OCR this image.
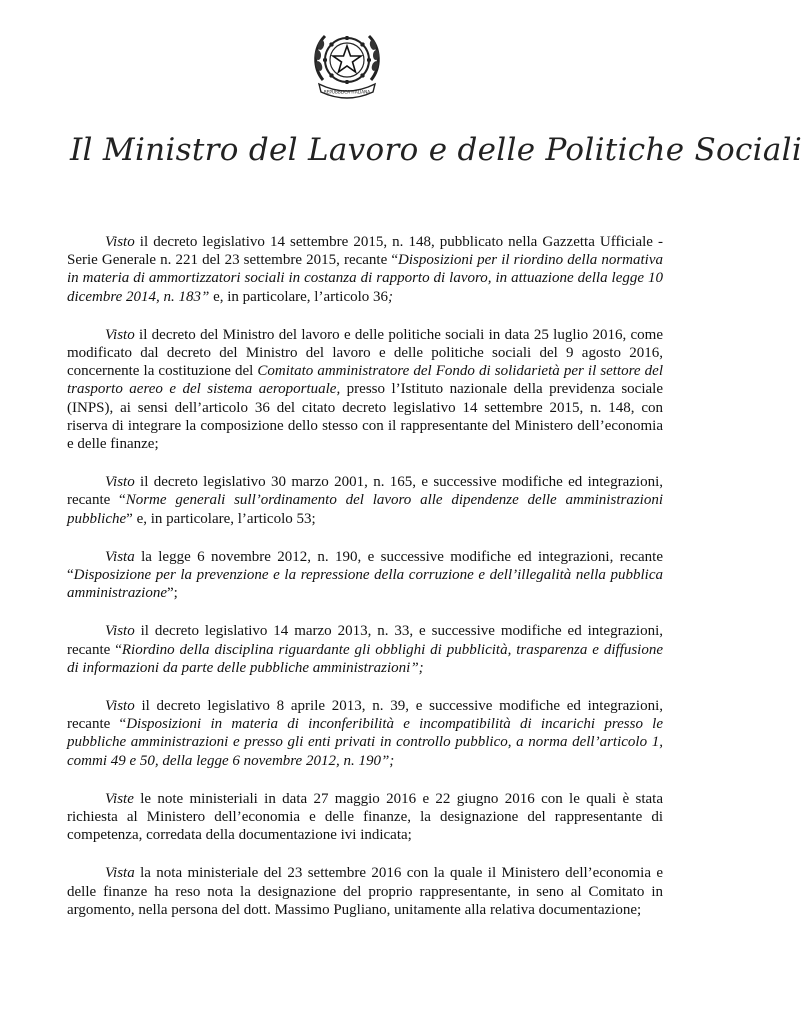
REPUBBLICA ITALIANA
Il Ministro del Lavoro e delle Politiche Sociali

Visto il decreto legislativo 14 settembre 2015, n. 148, pubblicato nella Gazzetta Ufficiale - Serie Generale n. 221 del 23 settembre 2015, recante “Disposizioni per il riordino della normativa in materia di ammortizzatori sociali in costanza di rapporto di lavoro, in attuazione della legge 10 dicembre 2014, n. 183” e, in particolare, l’articolo 36;

Visto il decreto del Ministro del lavoro e delle politiche sociali in data 25 luglio 2016, come modificato dal decreto del Ministro del lavoro e delle politiche sociali del 9 agosto 2016, concernente la costituzione del Comitato amministratore del Fondo di solidarietà per il settore del trasporto aereo e del sistema aeroportuale, presso l’Istituto nazionale della previdenza sociale (INPS), ai sensi dell’articolo 36 del citato decreto legislativo 14 settembre 2015, n. 148, con riserva di integrare la composizione dello stesso con il rappresentante del Ministero dell’economia e delle finanze;

Visto il decreto legislativo 30 marzo 2001, n. 165, e successive modifiche ed integrazioni, recante “Norme generali sull’ordinamento del lavoro alle dipendenze delle amministrazioni pubbliche” e, in particolare, l’articolo 53;

Vista la legge 6 novembre 2012, n. 190, e successive modifiche ed integrazioni, recante “Disposizione per la prevenzione e la repressione della corruzione e dell’illegalità nella pubblica amministrazione”;

Visto il decreto legislativo 14 marzo 2013, n. 33, e successive modifiche ed integrazioni, recante “Riordino della disciplina riguardante gli obblighi di pubblicità, trasparenza e diffusione di informazioni da parte delle pubbliche amministrazioni”;

Visto il decreto legislativo 8 aprile 2013, n. 39, e successive modifiche ed integrazioni, recante “Disposizioni in materia di inconferibilità e incompatibilità di incarichi presso le pubbliche amministrazioni e presso gli enti privati in controllo pubblico, a norma dell’articolo 1, commi 49 e 50, della legge 6 novembre 2012, n. 190”;

Viste le note ministeriali in data 27 maggio 2016 e 22 giugno 2016 con le quali è stata richiesta al Ministero dell’economia e delle finanze, la designazione del rappresentante di competenza, corredata della documentazione ivi indicata;

Vista la nota ministeriale del 23 settembre 2016 con la quale il Ministero dell’economia e delle finanze ha reso nota la designazione del proprio rappresentante, in seno al Comitato in argomento, nella persona del dott. Massimo Pugliano, unitamente alla relativa documentazione;
